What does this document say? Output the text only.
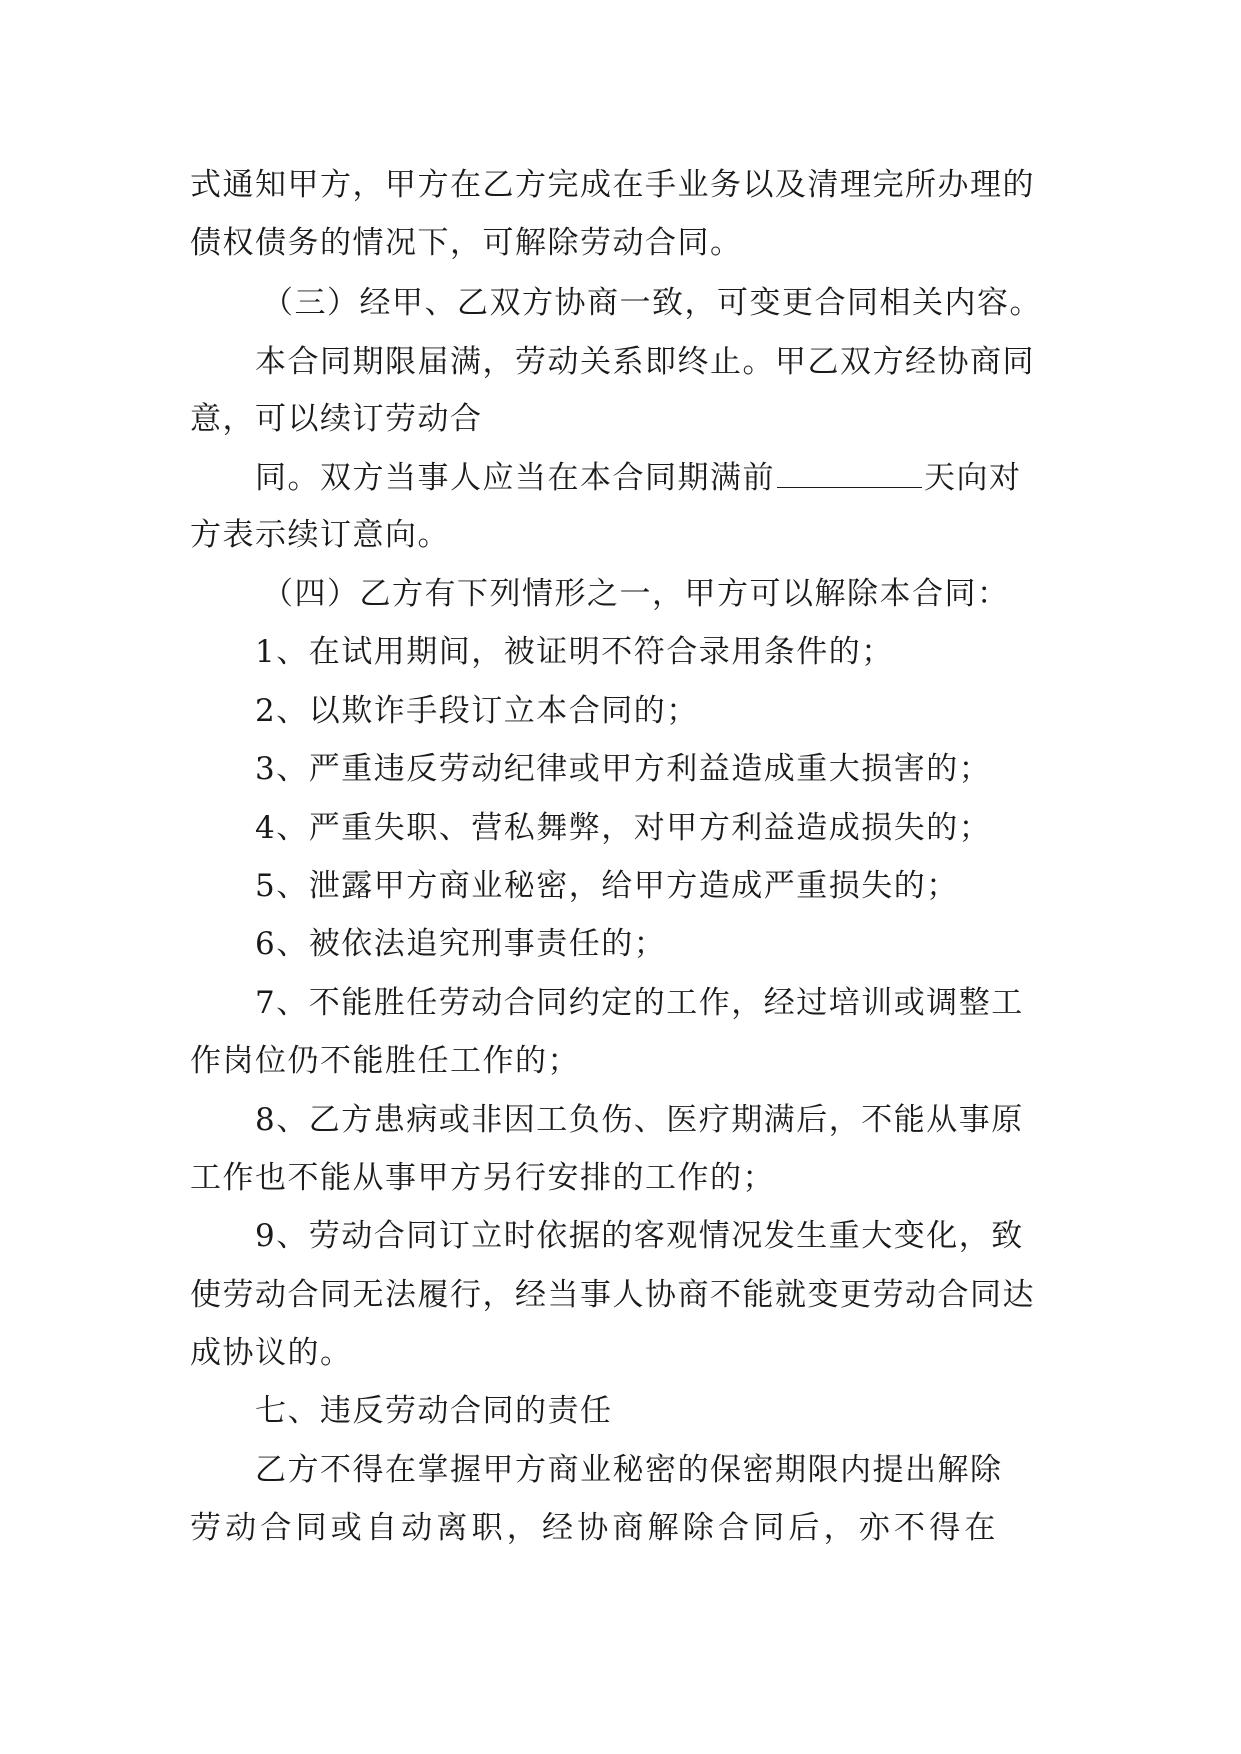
式通知甲方，甲方在乙方完成在手业务以及清理完所办理的
债权债务的情况下，可解除劳动合同。
（三）经甲、乙双方协商一致，可变更合同相关内容。
本合同期限届满，劳动关系即终止。甲乙双方经协商同
意，可以续订劳动合
同。双方当事人应当在本合同期满前	天向对
方表示续订意向。
（四）乙方有下列情形之一，甲方可以解除本合同：
1、在试用期间，被证明不符合录用条件的；
2、以欺诈手段订立本合同的；
3、严重违反劳动纪律或甲方利益造成重大损害的；
4、严重失职、营私舞弊，对甲方利益造成损失的；
5、泄露甲方商业秘密，给甲方造成严重损失的；
6、被依法追究刑事责任的；
7、不能胜任劳动合同约定的工作，经过培训或调整工
作岗位仍不能胜任工作的；
8、乙方患病或非因工负伤、医疗期满后，不能从事原
工作也不能从事甲方另行安排的工作的；
9、劳动合同订立时依据的客观情况发生重大变化，致
使劳动合同无法履行，经当事人协商不能就变更劳动合同达
成协议的。
七、违反劳动合同的责任
乙方不得在掌握甲方商业秘密的保密期限内提出解除
劳动合同或自动离职，经协商解除合同后，亦不得在
